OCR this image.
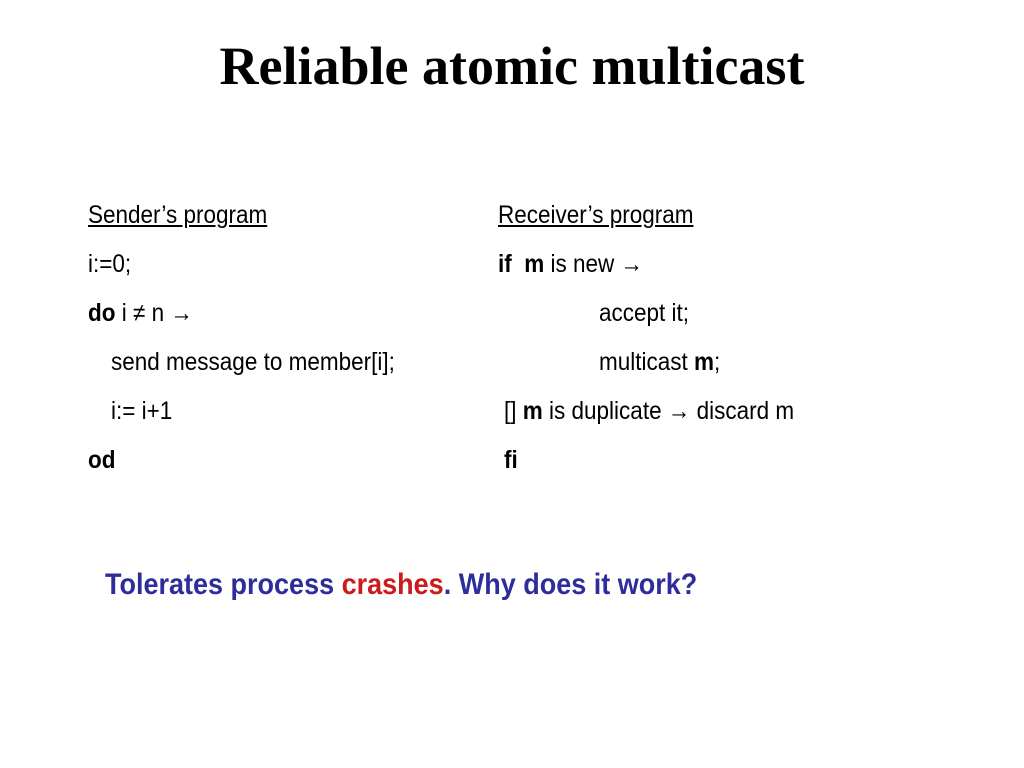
Reliable atomic multicast
Sender’s program
i:=0;
do i ≠ n →
send message to member[i];
i:= i+1
od
Receiver’s program
if m is new →
accept it;
multicast m;
[] m is duplicate → discard m
fi
Tolerates process crashes. Why does it work?
